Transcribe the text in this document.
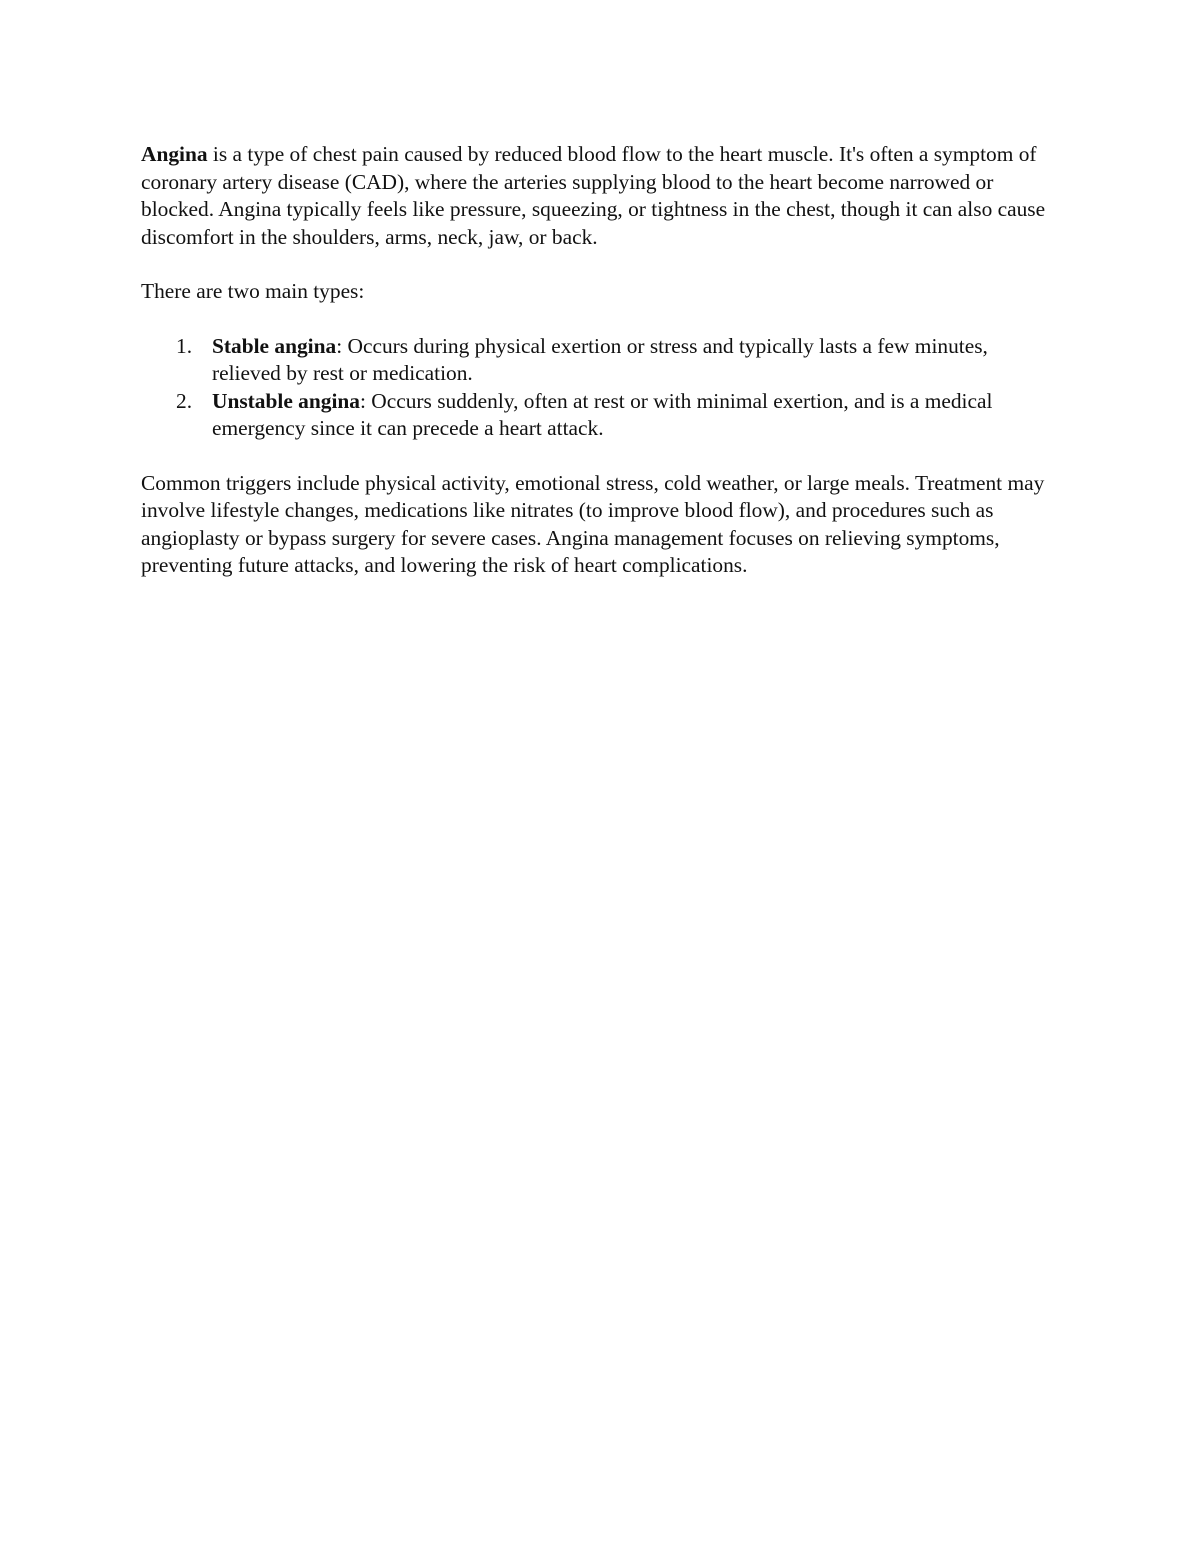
Angina is a type of chest pain caused by reduced blood flow to the heart muscle. It's often a symptom of coronary artery disease (CAD), where the arteries supplying blood to the heart become narrowed or blocked. Angina typically feels like pressure, squeezing, or tightness in the chest, though it can also cause discomfort in the shoulders, arms, neck, jaw, or back.

There are two main types:

1. Stable angina: Occurs during physical exertion or stress and typically lasts a few minutes, relieved by rest or medication.
2. Unstable angina: Occurs suddenly, often at rest or with minimal exertion, and is a medical emergency since it can precede a heart attack.

Common triggers include physical activity, emotional stress, cold weather, or large meals. Treatment may involve lifestyle changes, medications like nitrates (to improve blood flow), and procedures such as angioplasty or bypass surgery for severe cases. Angina management focuses on relieving symptoms, preventing future attacks, and lowering the risk of heart complications.
